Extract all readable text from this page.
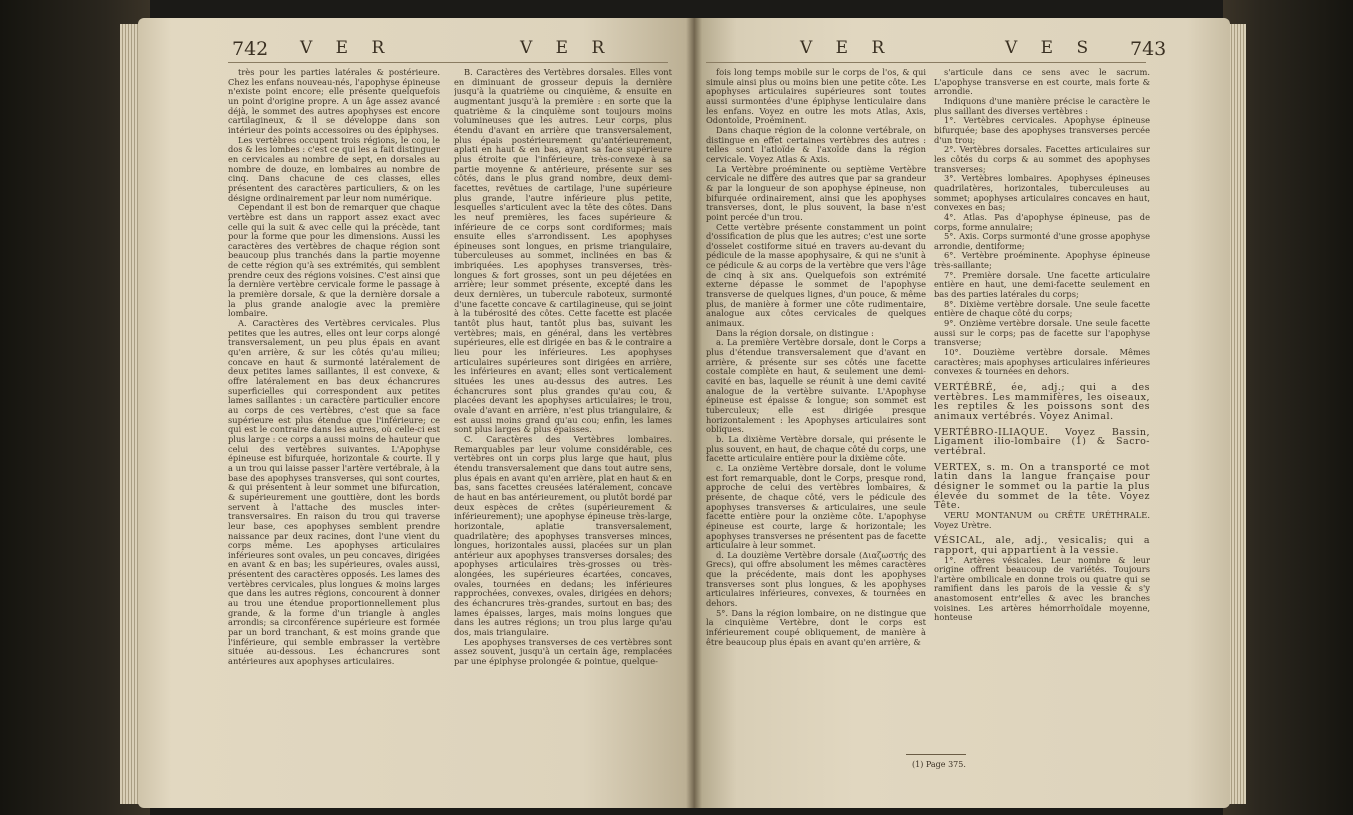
742 V E R	V E R	V E R	V E S 743

très pour les parties latérales & postérieure. Chez les enfans nouveau-nés, l'apophyse épineuse n'existe point encore; elle présente quelquefois un point d'origine propre. A un âge assez avancé déjà, le sommet des autres apophyses est encore cartilagineux, & il se développe dans son intérieur des points accessoires ou des épiphyses.

Les vertèbres occupent trois régions, le cou, le dos & les lombes : c'est ce qui les a fait distinguer en cervicales au nombre de sept, en dorsales au nombre de douze, en lombaires au nombre de cinq. Dans chacune de ces classes, elles présentent des caractères particuliers, & on les désigne ordinairement par leur nom numérique.

Cependant il est bon de remarquer que chaque vertèbre est dans un rapport assez exact avec celle qui la suit & avec celle qui la précède, tant pour la forme que pour les dimensions. Aussi les caractères des vertèbres de chaque région sont beaucoup plus tranchés dans la partie moyenne de cette région qu'à ses extrémités, qui semblent prendre ceux des régions voisines. C'est ainsi que la dernière vertèbre cervicale forme le passage à la première dorsale, & que la dernière dorsale a la plus grande analogie avec la première lombaire.

A. Caractères des Vertèbres cervicales. Plus petites que les autres, elles ont leur corps alongé transversalement, un peu plus épais en avant qu'en arrière, & sur les côtés qu'au milieu; concave en haut & surmonté latéralement de deux petites lames saillantes, il est convexe, & offre latéralement en bas deux échancrures superficielles qui correspondent aux petites lames saillantes : un caractère particulier encore au corps de ces vertèbres, c'est que sa face supérieure est plus étendue que l'inférieure; ce qui est le contraire dans les autres, où celle-ci est plus large : ce corps a aussi moins de hauteur que celui des vertèbres suivantes. L'Apophyse épineuse est bifurquée, horizontale & courte. Il y a un trou qui laisse passer l'artère vertébrale, à la base des apophyses transverses, qui sont courtes, & qui présentent à leur sommet une bifurcation, & supérieurement une gouttière, dont les bords servent à l'attache des muscles inter-transversaires. En raison du trou qui traverse leur base, ces apophyses semblent prendre naissance par deux racines, dont l'une vient du corps même. Les apophyses articulaires inférieures sont ovales, un peu concaves, dirigées en avant & en bas; les supérieures, ovales aussi, présentent des caractères opposés. Les lames des vertèbres cervicales, plus longues & moins larges que dans les autres régions, concourent à donner au trou une étendue proportionnellement plus grande, & la forme d'un triangle à angles arrondis; sa circonférence supérieure est formée par un bord tranchant, & est moins grande que l'inférieure, qui semble embrasser la vertèbre située au-dessous. Les échancrures sont antérieures aux apophyses articulaires.

B. Caractères des Vertèbres dorsales. Elles vont en diminuant de grosseur depuis la dernière jusqu'à la quatrième ou cinquième, & ensuite en augmentant jusqu'à la première : en sorte que la quatrième & la cinquième sont toujours moins volumineuses que les autres. Leur corps, plus étendu d'avant en arrière que transversalement, plus épais postérieurement qu'antérieurement, aplati en haut & en bas, ayant sa face supérieure plus étroite que l'inférieure, très-convexe à sa partie moyenne & antérieure, présente sur ses côtés, dans le plus grand nombre, deux demi-facettes, revêtues de cartilage, l'une supérieure plus grande, l'autre inférieure plus petite, lesquelles s'articulent avec la tête des côtes. Dans les neuf premières, les faces supérieure & inférieure de ce corps sont cordiformes; mais ensuite elles s'arrondissent. Les apophyses épineuses sont longues, en prisme triangulaire, tuberculeuses au sommet, inclinées en bas & imbriquées. Les apophyses transverses, très-longues & fort grosses, sont un peu déjetées en arrière; leur sommet présente, excepté dans les deux dernières, un tubercule raboteux, surmonté d'une facette concave & cartilagineuse, qui se joint à la tubérosité des côtes. Cette facette est placée tantôt plus haut, tantôt plus bas, suivant les vertèbres; mais, en général, dans les vertèbres supérieures, elle est dirigée en bas & le contraire a lieu pour les inférieures. Les apophyses articulaires supérieures sont dirigées en arrière, les inférieures en avant; elles sont verticalement situées les unes au-dessus des autres. Les échancrures sont plus grandes qu'au cou, & placées devant les apophyses articulaires; le trou, ovale d'avant en arrière, n'est plus triangulaire, & est aussi moins grand qu'au cou; enfin, les lames sont plus larges & plus épaisses.

C. Caractères des Vertèbres lombaires. Remarquables par leur volume considérable, ces vertèbres ont un corps plus large que haut, plus étendu transversalement que dans tout autre sens, plus épais en avant qu'en arrière, plat en haut & en bas, sans facettes creusées latéralement, concave de haut en bas antérieurement, ou plutôt bordé par deux espèces de crêtes (supérieurement & inférieurement); une apophyse épineuse très-large, horizontale, aplatie transversalement, quadrilatère; des apophyses transverses minces, longues, horizontales aussi, placées sur un plan antérieur aux apophyses transverses dorsales; des apophyses articulaires très-grosses ou très-alongées, les supérieures écartées, concaves, ovales, tournées en dedans; les inférieures rapprochées, convexes, ovales, dirigées en dehors; des échancrures très-grandes, surtout en bas; des lames épaisses, larges, mais moins longues que dans les autres régions; un trou plus large qu'au dos, mais triangulaire.

Les apophyses transverses de ces vertèbres sont assez souvent, jusqu'à un certain âge, remplacées par une épiphyse prolongée & pointue, quelque-

fois long temps mobile sur le corps de l'os, & qui simule ainsi plus ou moins bien une petite côte. Les apophyses articulaires supérieures sont toutes aussi surmontées d'une épiphyse lenticulaire dans les enfans. Voyez en outre les mots Atlas, Axis, Odontoïde, Proéminent.

Dans chaque région de la colonne vertébrale, on distingue en effet certaines vertèbres des autres : telles sont l'atloïde & l'axoïde dans la région cervicale. Voyez Atlas & Axis.

La Vertèbre proéminente ou septième Vertèbre cervicale ne diffère des autres que par sa grandeur & par la longueur de son apophyse épineuse, non bifurquée ordinairement, ainsi que les apophyses transverses, dont, le plus souvent, la base n'est point percée d'un trou.

Cette vertèbre présente constamment un point d'ossification de plus que les autres; c'est une sorte d'osselet costiforme situé en travers au-devant du pédicule de la masse apophysaire, & qui ne s'unit à ce pédicule & au corps de la vertèbre que vers l'âge de cinq à six ans. Quelquefois son extrémité externe dépasse le sommet de l'apophyse transverse de quelques lignes, d'un pouce, & même plus, de manière à former une côte rudimentaire, analogue aux côtes cervicales de quelques animaux.

Dans la région dorsale, on distingue :

a. La première Vertèbre dorsale, dont le Corps a plus d'étendue transversalement que d'avant en arrière, & présente sur ses côtés une facette costale complète en haut, & seulement une demi-cavité en bas, laquelle se réunit à une demi cavité analogue de la vertèbre suivante. L'Apophyse épineuse est épaisse & longue; son sommet est tuberculeux; elle est dirigée presque horizontalement : les Apophyses articulaires sont obliques.

b. La dixième Vertèbre dorsale, qui présente le plus souvent, en haut, de chaque côté du corps, une facette articulaire entière pour la dixième côte.

c. La onzième Vertèbre dorsale, dont le volume est fort remarquable, dont le Corps, presque rond, approche de celui des vertèbres lombaires, & présente, de chaque côté, vers le pédicule des apophyses transverses & articulaires, une seule facette entière pour la onzième côte. L'apophyse épineuse est courte, large & horizontale; les apophyses transverses ne présentent pas de facette articulaire à leur sommet.

d. La douzième Vertèbre dorsale (Διαζωστής des Grecs), qui offre absolument les mêmes caractères que la précédente, mais dont les apophyses transverses sont plus longues, & les apophyses articulaires inférieures, convexes, & tournées en dehors.

5°. Dans la région lombaire, on ne distingue que la cinquième Vertèbre, dont le corps est inférieurement coupé obliquement, de manière à être beaucoup plus épais en avant qu'en arrière, &

s'articule dans ce sens avec le sacrum. L'apophyse transverse en est courte, mais forte & arrondie.

Indiquons d'une manière précise le caractère le plus saillant des diverses vertèbres :

1°. Vertèbres cervicales. Apophyse épineuse bifurquée; base des apophyses transverses percée d'un trou;

2°. Vertèbres dorsales. Facettes articulaires sur les côtés du corps & au sommet des apophyses transverses;

3°. Vertèbres lombaires. Apophyses épineuses quadrilatères, horizontales, tuberculeuses au sommet; apophyses articulaires concaves en haut, convexes en bas;

4°. Atlas. Pas d'apophyse épineuse, pas de corps, forme annulaire;

5°. Axis. Corps surmonté d'une grosse apophyse arrondie, dentiforme;

6°. Vertèbre proéminente. Apophyse épineuse très-saillante;

7°. Première dorsale. Une facette articulaire entière en haut, une demi-facette seulement en bas des parties latérales du corps;

8°. Dixième vertèbre dorsale. Une seule facette entière de chaque côté du corps;

9°. Onzième vertèbre dorsale. Une seule facette aussi sur le corps; pas de facette sur l'apophyse transverse;

10°. Douzième vertèbre dorsale. Mêmes caractères; mais apophyses articulaires inférieures convexes & tournées en dehors.

VERTÉBRÉ, ée, adj.; qui a des vertèbres. Les mammifères, les oiseaux, les reptiles & les poissons sont des animaux vertébrés. Voyez Animal.

VERTÉBRO-ILIAQUE. Voyez Bassin, Ligament ilio-lombaire (1) & Sacro-vertébral.

VERTEX, s. m. On a transporté ce mot latin dans la langue française pour désigner le sommet ou la partie la plus élevée du sommet de la tête. Voyez Tête.

VERU MONTANUM ou CRÊTE URÉTHRALE. Voyez Urètre.

VÉSICAL, ale, adj., vesicalis; qui a rapport, qui appartient à la vessie.

1°. Artères vésicales. Leur nombre & leur origine offrent beaucoup de variétés. Toujours l'artère ombilicale en donne trois ou quatre qui se ramifient dans les parois de la vessie & s'y anastomosent entr'elles & avec les branches voisines. Les artères hémorrhoïdale moyenne, honteuse

(1) Page 375.
